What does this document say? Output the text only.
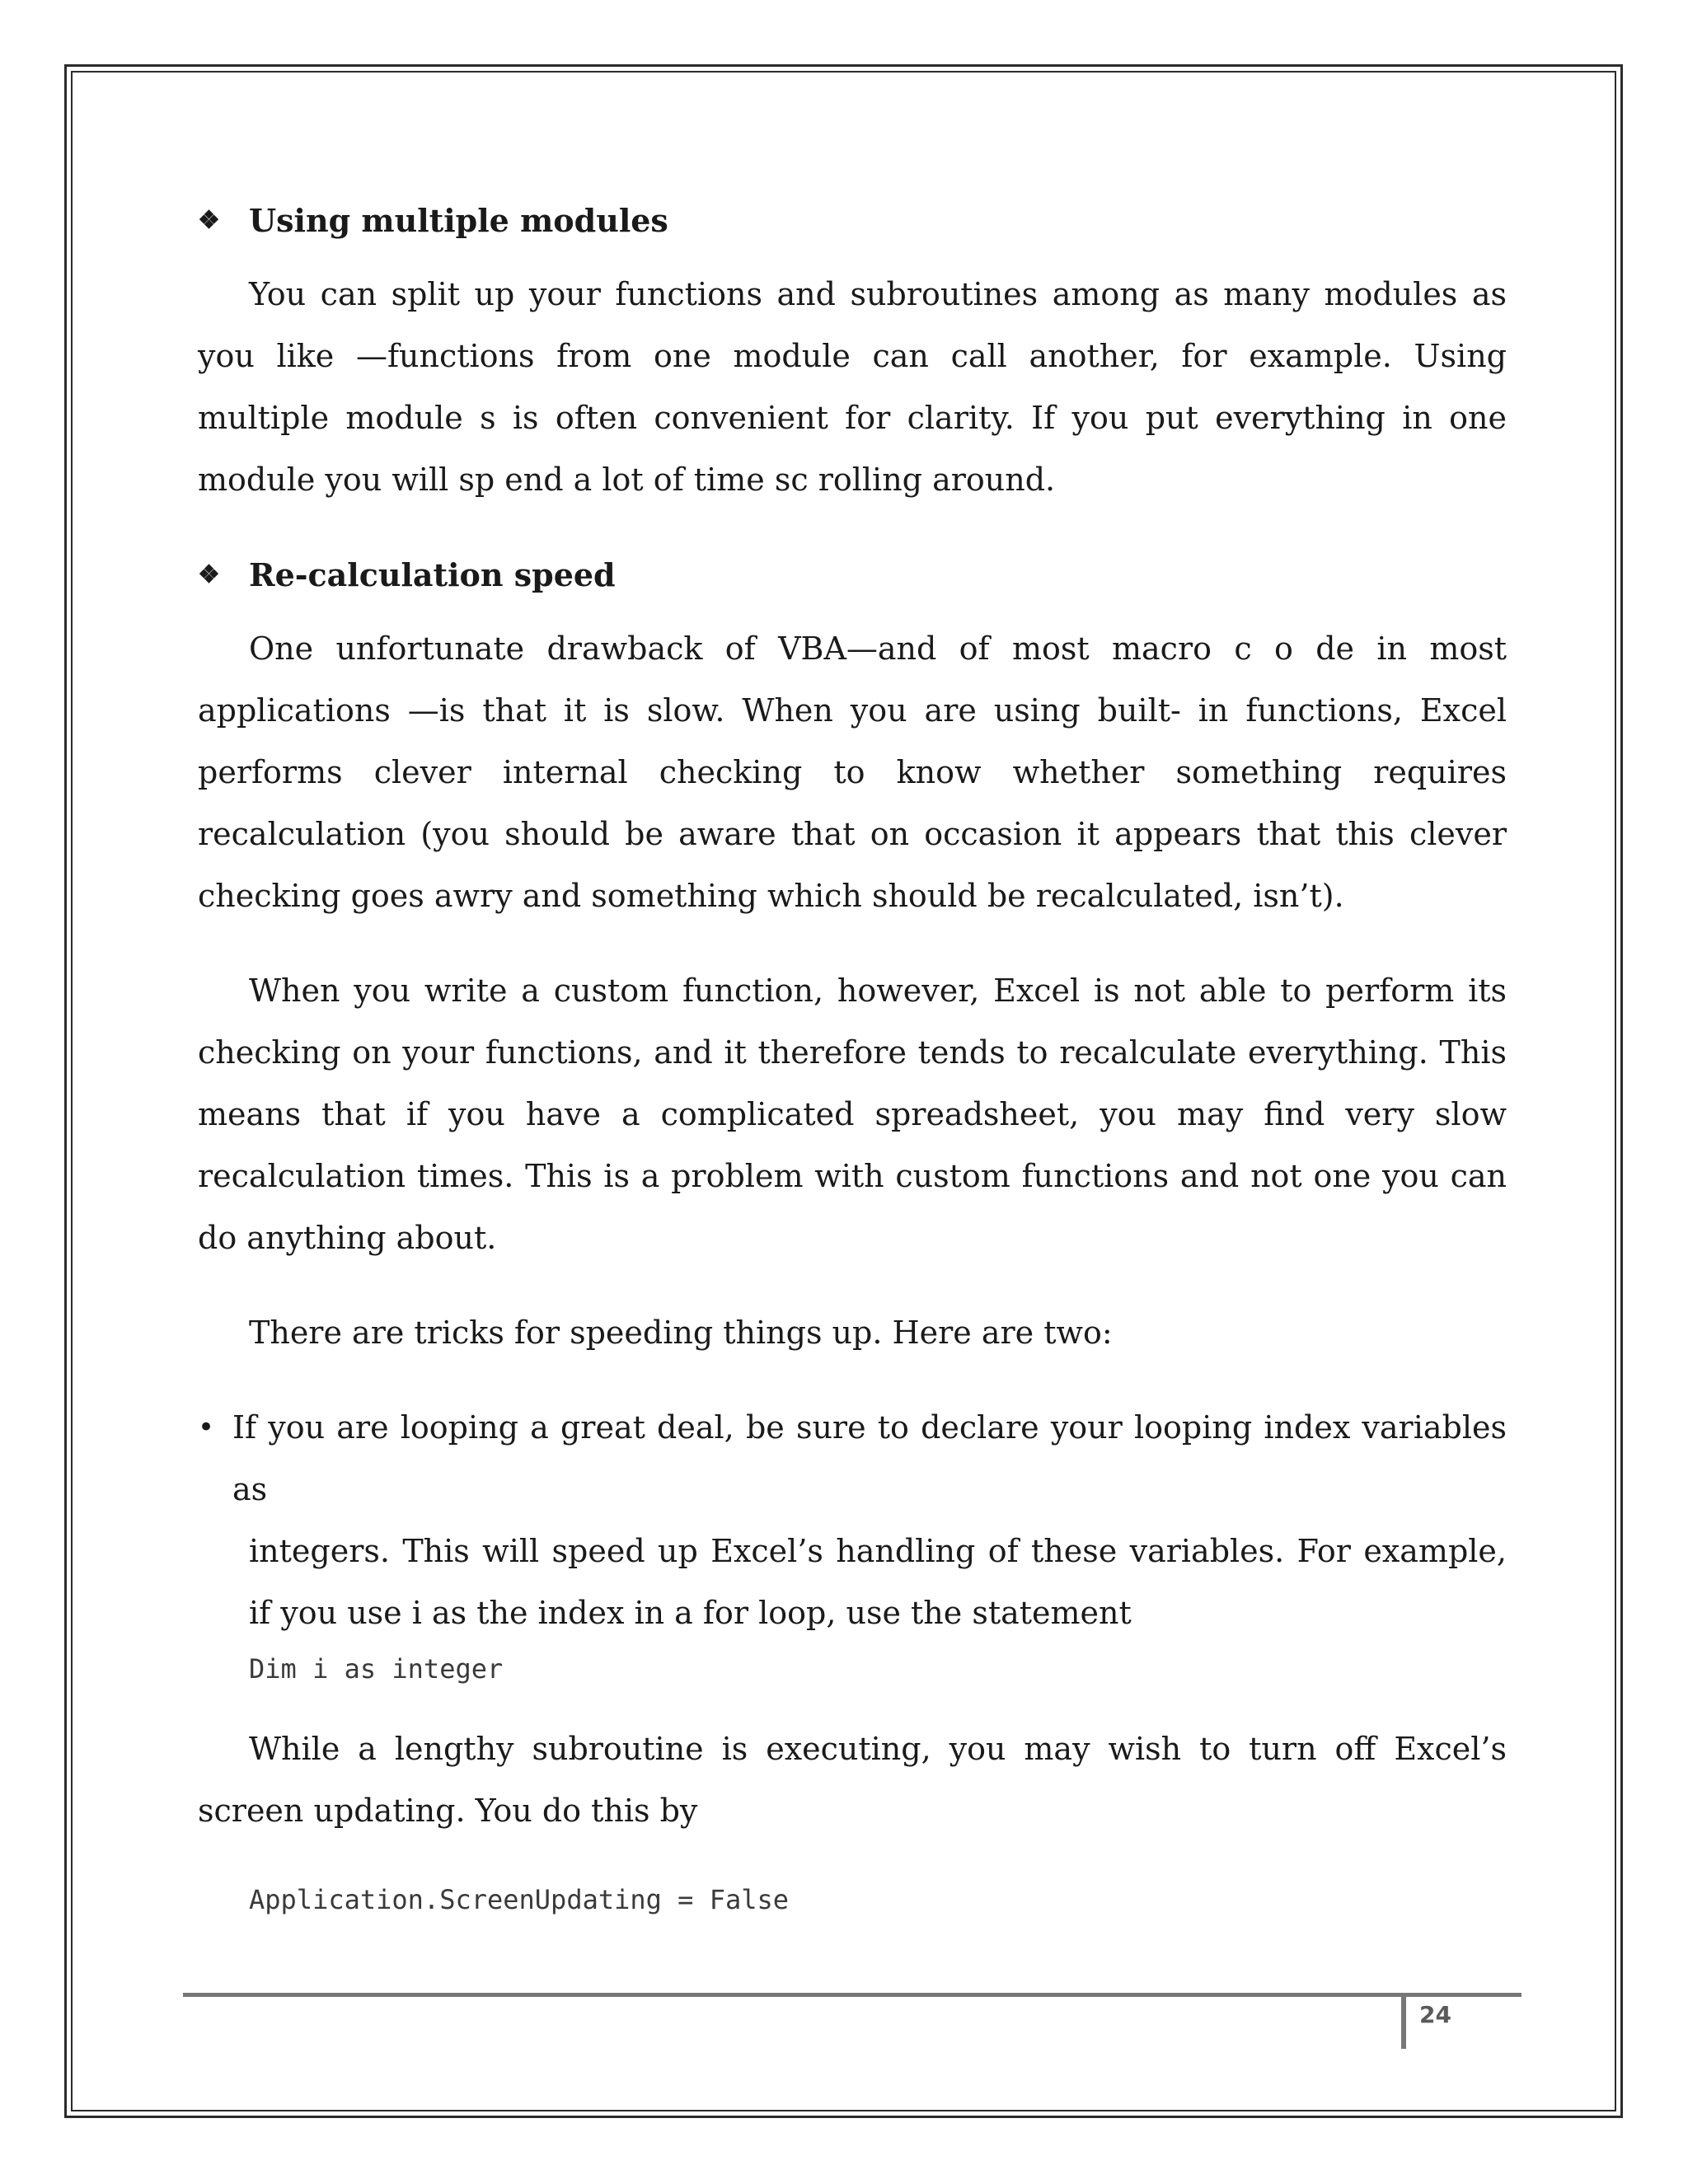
❖ Using multiple modules

You can split up your functions and subroutines among as many modules as you like —functions from one module can call another, for example. Using multiple module s is often convenient for clarity. If you put everything in one module you will sp end a lot of time sc rolling around.

❖ Re-calculation speed

One unfortunate drawback of VBA—and of most macro c o de in most applications —is that it is slow. When you are using built- in functions, Excel performs clever internal checking to know whether something requires recalculation (you should be aware that on occasion it appears that this clever checking goes awry and something which should be recalculated, isn’t).

When you write a custom function, however, Excel is not able to perform its checking on your functions, and it therefore tends to recalculate everything. This means that if you have a complicated spreadsheet, you may find very slow recalculation times. This is a problem with custom functions and not one you can do anything about.

There are tricks for speeding things up. Here are two:

• If you are looping a great deal, be sure to declare your looping index variables as

integers. This will speed up Excel’s handling of these variables. For example, if you use i as the index in a for loop, use the statement

Dim i as integer

While a lengthy subroutine is executing, you may wish to turn off Excel’s screen updating. You do this by

Application.ScreenUpdating = False

24
